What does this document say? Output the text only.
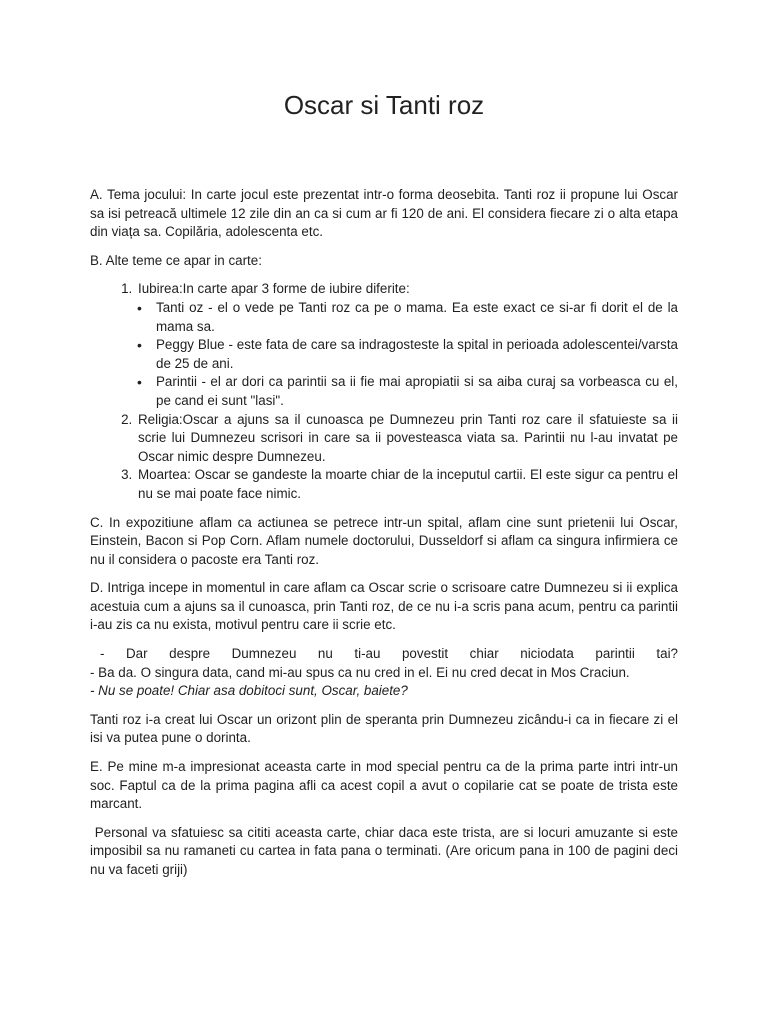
Oscar si Tanti roz

A. Tema jocului: In carte jocul este prezentat intr-o forma deosebita. Tanti roz ii propune lui Oscar sa isi petreacă ultimele 12 zile din an ca si cum ar fi 120 de ani. El considera fiecare zi o alta etapa din viața sa. Copilăria, adolescenta etc.

B. Alte teme ce apar in carte:

1. Iubirea:In carte apar 3 forme de iubire diferite:
• Tanti oz - el o vede pe Tanti roz ca pe o mama. Ea este exact ce si-ar fi dorit el de la mama sa.
• Peggy Blue - este fata de care sa indragosteste la spital in perioada adolescentei/varsta de 25 de ani.
• Parintii - el ar dori ca parintii sa ii fie mai apropiatii si sa aiba curaj sa vorbeasca cu el, pe cand ei sunt "lasi".
2. Religia:Oscar a ajuns sa il cunoasca pe Dumnezeu prin Tanti roz care il sfatuieste sa ii scrie lui Dumnezeu scrisori in care sa ii povesteasca viata sa. Parintii nu l-au invatat pe Oscar nimic despre Dumnezeu.
3. Moartea: Oscar se gandeste la moarte chiar de la inceputul cartii. El este sigur ca pentru el nu se mai poate face nimic.

C. In expozitiune aflam ca actiunea se petrece intr-un spital, aflam cine sunt prietenii lui Oscar, Einstein, Bacon si Pop Corn. Aflam numele doctorului, Dusseldorf si aflam ca singura infirmiera ce nu il considera o pacoste era Tanti roz.

D. Intriga incepe in momentul in care aflam ca Oscar scrie o scrisoare catre Dumnezeu si ii explica acestuia cum a ajuns sa il cunoasca, prin Tanti roz, de ce nu i-a scris pana acum, pentru ca parintii i-au zis ca nu exista, motivul pentru care ii scrie etc.

- Dar despre Dumnezeu nu ti-au povestit chiar niciodata parintii tai?
- Ba da. O singura data, cand mi-au spus ca nu cred in el. Ei nu cred decat in Mos Craciun.
- Nu se poate! Chiar asa dobitoci sunt, Oscar, baiete?

Tanti roz i-a creat lui Oscar un orizont plin de speranta prin Dumnezeu zicându-i ca in fiecare zi el isi va putea pune o dorinta.

E. Pe mine m-a impresionat aceasta carte in mod special pentru ca de la prima parte intri intr-un soc. Faptul ca de la prima pagina afli ca acest copil a avut o copilarie cat se poate de trista este marcant.

Personal va sfatuiesc sa cititi aceasta carte, chiar daca este trista, are si locuri amuzante si este imposibil sa nu ramaneti cu cartea in fata pana o terminati. (Are oricum pana in 100 de pagini deci nu va faceti griji)
